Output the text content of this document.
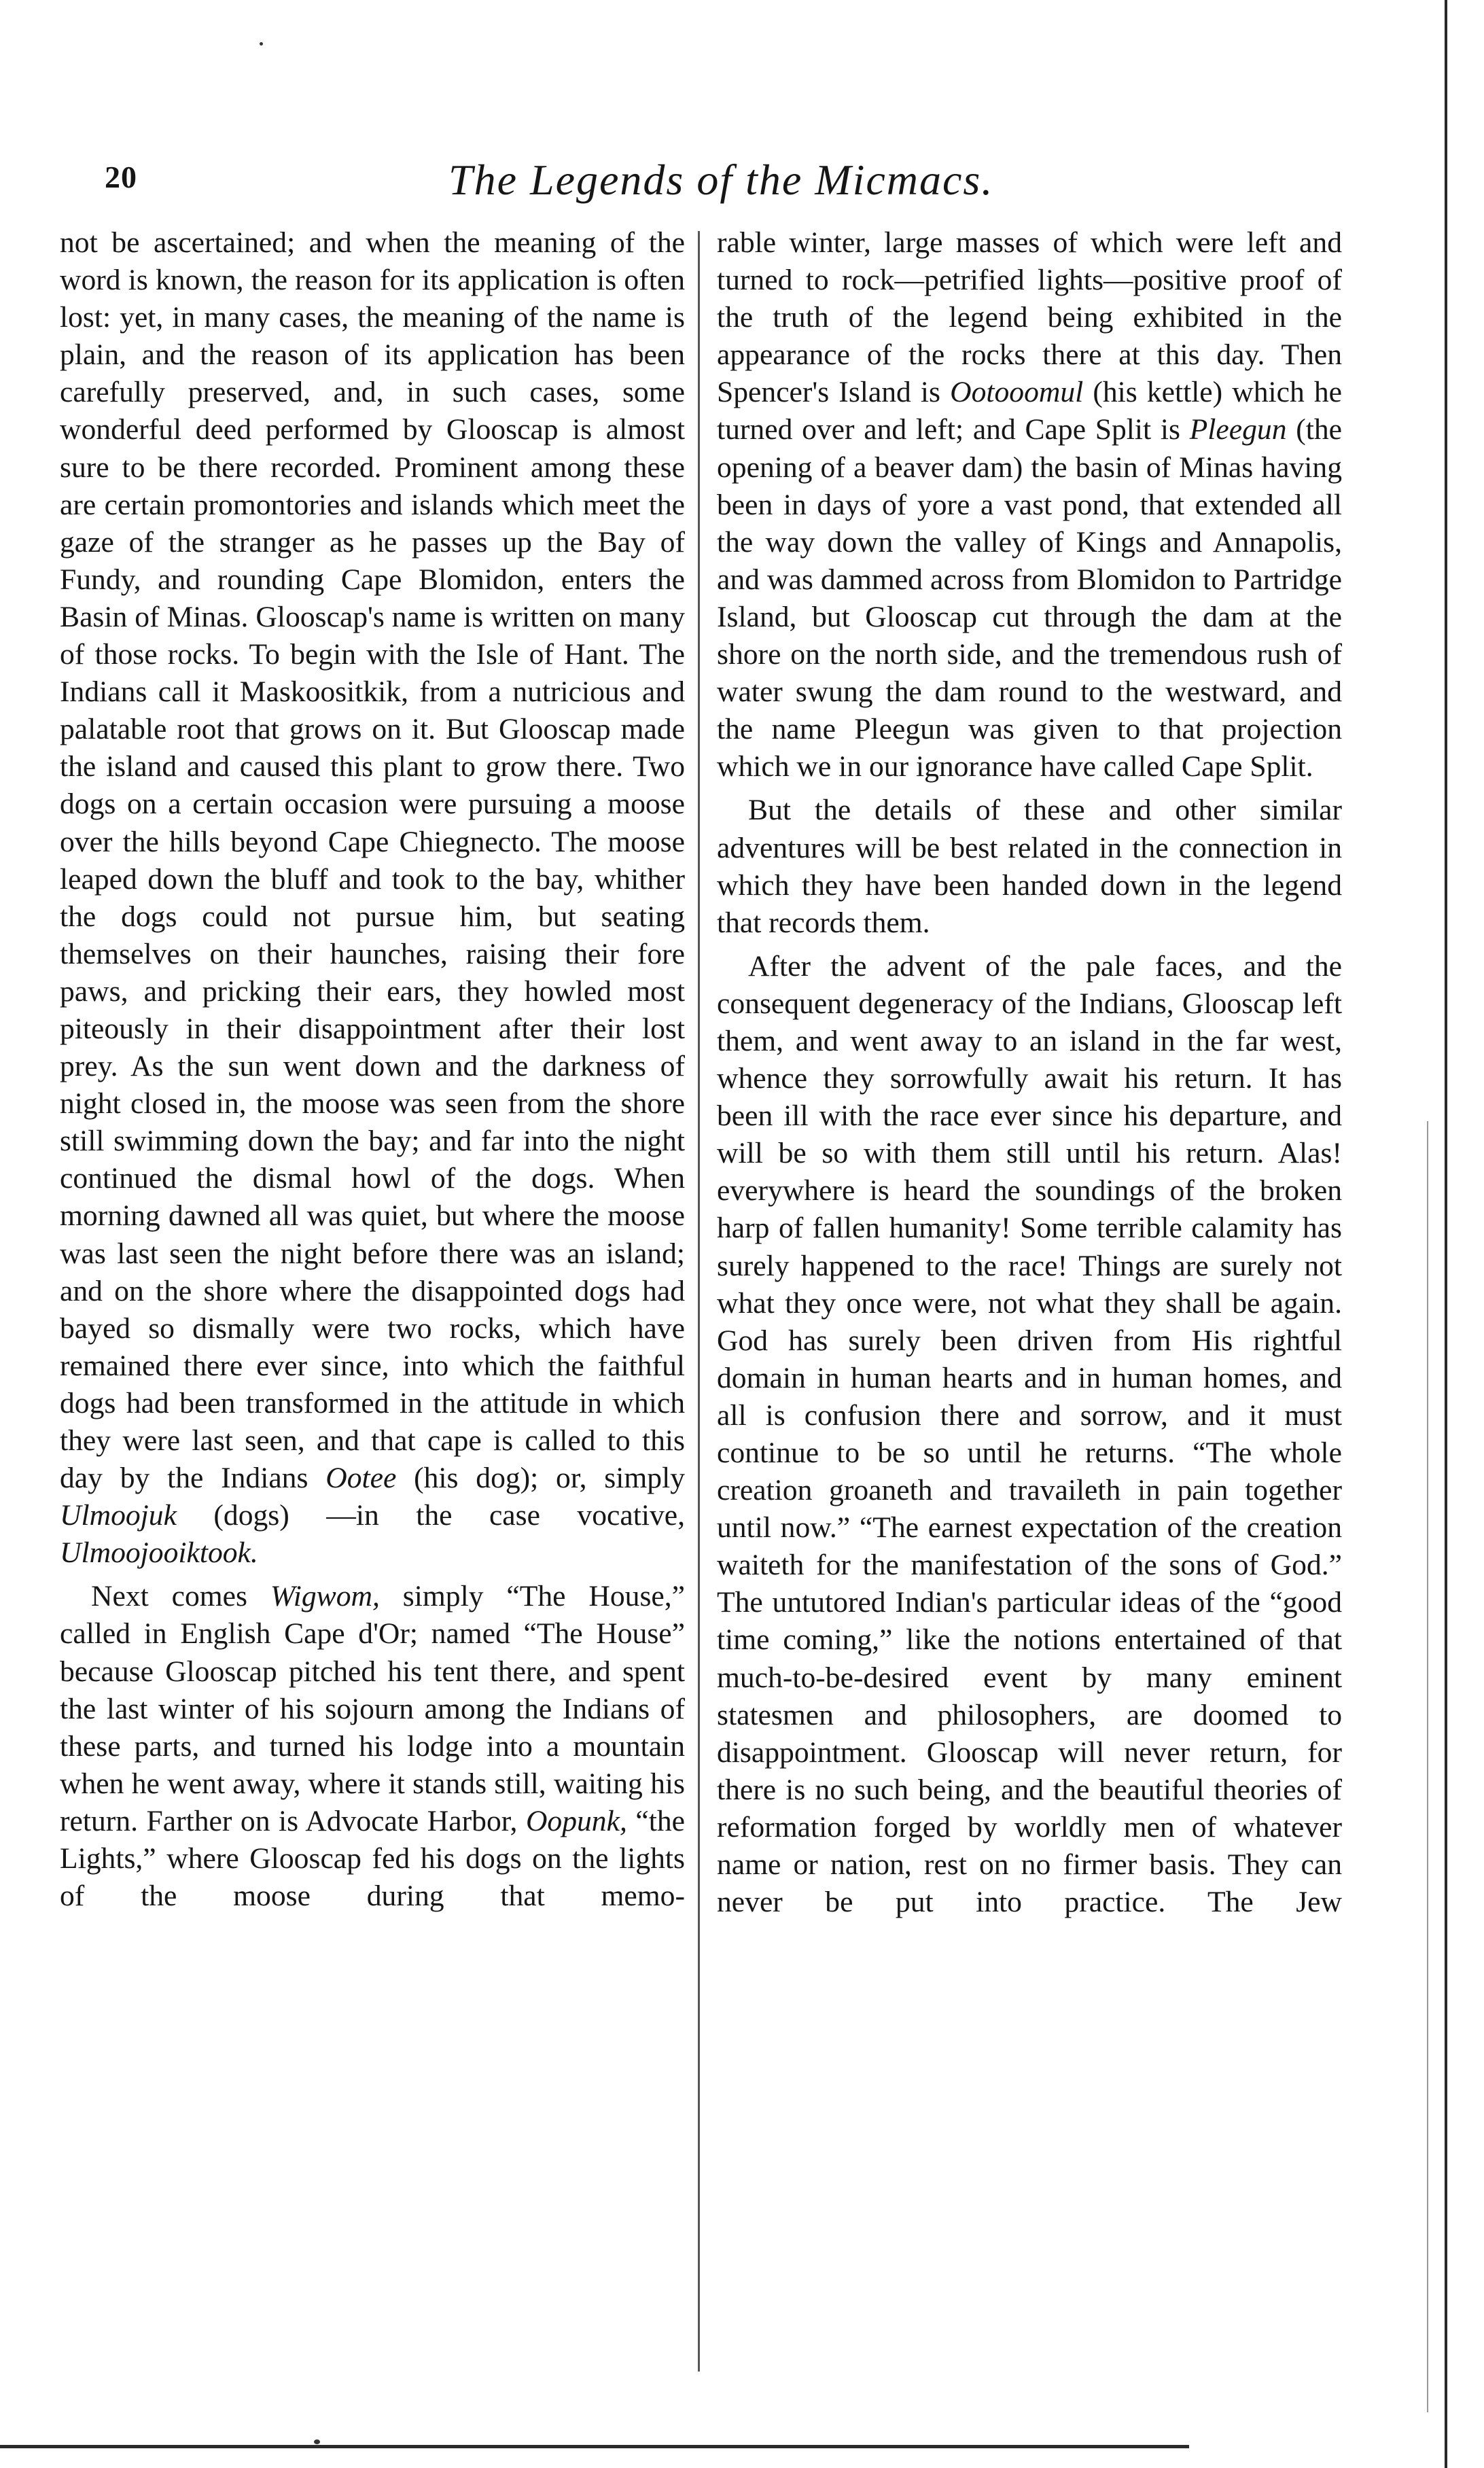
20	The Legends of the Micmacs.

not be ascertained; and when the meaning of the word is known, the reason for its application is often lost: yet, in many cases, the meaning of the name is plain, and the reason of its application has been carefully preserved, and, in such cases, some wonderful deed performed by Glooscap is almost sure to be there recorded. Prominent among these are certain promontories and islands which meet the gaze of the stranger as he passes up the Bay of Fundy, and rounding Cape Blomidon, enters the Basin of Minas. Glooscap's name is written on many of those rocks. To begin with the Isle of Hant. The Indians call it Maskoositkik, from a nutricious and palatable root that grows on it. But Glooscap made the island and caused this plant to grow there. Two dogs on a certain occasion were pursuing a moose over the hills beyond Cape Chiegnecto. The moose leaped down the bluff and took to the bay, whither the dogs could not pursue him, but seating themselves on their haunches, raising their fore paws, and pricking their ears, they howled most piteously in their disappointment after their lost prey. As the sun went down and the darkness of night closed in, the moose was seen from the shore still swimming down the bay; and far into the night continued the dismal howl of the dogs. When morning dawned all was quiet, but where the moose was last seen the night before there was an island; and on the shore where the disappointed dogs had bayed so dismally were two rocks, which have remained there ever since, into which the faithful dogs had been transformed in the attitude in which they were last seen, and that cape is called to this day by the Indians Ootee (his dog); or, simply Ulmoojuk (dogs) —in the case vocative, Ulmoojooiktook.

Next comes Wigwom, simply “The House,” called in English Cape d'Or; named “The House” because Glooscap pitched his tent there, and spent the last winter of his sojourn among the Indians of these parts, and turned his lodge into a mountain when he went away, where it stands still, waiting his return. Farther on is Advocate Harbor, Oopunk, “the Lights,” where Glooscap fed his dogs on the lights of the moose during that memo-

rable winter, large masses of which were left and turned to rock—petrified lights—positive proof of the truth of the legend being exhibited in the appearance of the rocks there at this day. Then Spencer's Island is Ootooomul (his kettle) which he turned over and left; and Cape Split is Pleegun (the opening of a beaver dam) the basin of Minas having been in days of yore a vast pond, that extended all the way down the valley of Kings and Annapolis, and was dammed across from Blomidon to Partridge Island, but Glooscap cut through the dam at the shore on the north side, and the tremendous rush of water swung the dam round to the westward, and the name Pleegun was given to that projection which we in our ignorance have called Cape Split.

But the details of these and other similar adventures will be best related in the connection in which they have been handed down in the legend that records them.

After the advent of the pale faces, and the consequent degeneracy of the Indians, Glooscap left them, and went away to an island in the far west, whence they sorrowfully await his return. It has been ill with the race ever since his departure, and will be so with them still until his return. Alas! everywhere is heard the soundings of the broken harp of fallen humanity! Some terrible calamity has surely happened to the race! Things are surely not what they once were, not what they shall be again. God has surely been driven from His rightful domain in human hearts and in human homes, and all is confusion there and sorrow, and it must continue to be so until he returns. “The whole creation groaneth and travaileth in pain together until now.” “The earnest expectation of the creation waiteth for the manifestation of the sons of God.” The untutored Indian's particular ideas of the “good time coming,” like the notions entertained of that much-to-be-desired event by many eminent statesmen and philosophers, are doomed to disappointment. Glooscap will never return, for there is no such being, and the beautiful theories of reformation forged by worldly men of whatever name or nation, rest on no firmer basis. They can never be put into practice. The Jew
